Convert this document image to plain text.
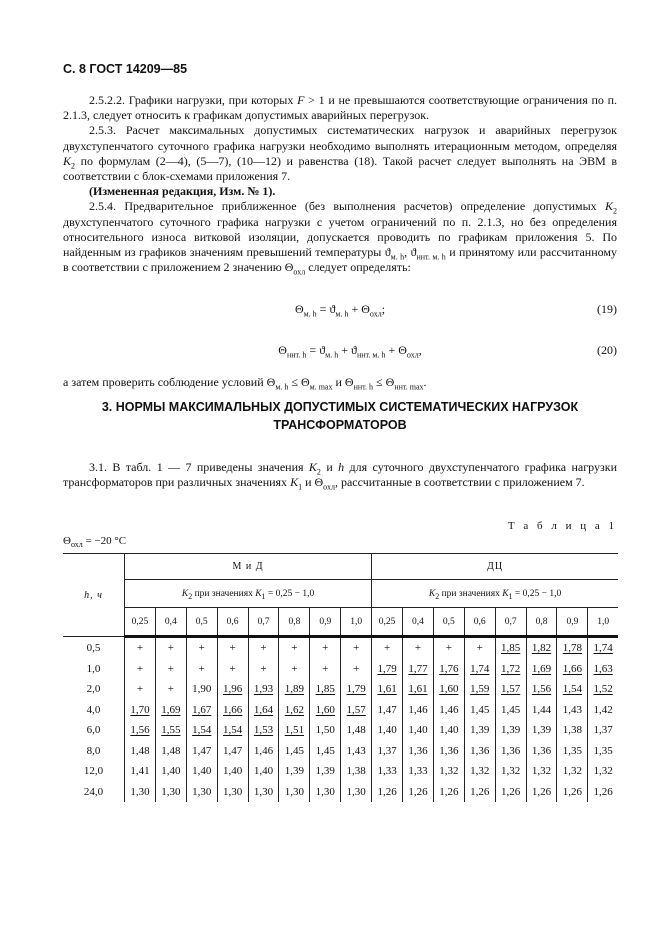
С. 8 ГОСТ 14209—85

2.5.2.2. Графики нагрузки, при которых F > 1 и не превышаются соответствующие ограничения по п. 2.1.3, следует относить к графикам допустимых аварийных перегрузок.

2.5.3. Расчет максимальных допустимых систематических нагрузок и аварийных перегрузок двухступенчатого суточного графика нагрузки необходимо выполнять итерационным методом, определяя $K_2$ по формулам (2—4), (5—7), (10—12) и равенства (18). Такой расчет следует выполнять на ЭВМ в соответствии с блок-схемами приложения 7.

(Измененная редакция, Изм. № 1).

2.5.4. Предварительное приближенное (без выполнения расчетов) определение допустимых $K_2$ двухступенчатого суточного графика нагрузки с учетом ограничений по п. 2.1.3, но без определения относительного износа витковой изоляции, допускается проводить по графикам приложения 5. По найденным из графиков значениям превышений температуры $ϑ_{м. h}$, $ϑ_{ннт. м. h}$ и принятому или рассчитанному в соответствии с приложением 2 значению $\Theta_{охл}$ следует определять:

$\Theta_{м. h} = ϑ_{м. h} + \Theta_{охл}$;	(19)
$\Theta_{ннт. h} = ϑ_{м. h} + ϑ_{ннт. м. h} + \Theta_{охл}$,	(20)
а затем проверить соблюдение условий $\Theta_{м. h} \le \Theta_{м. max}$ и $\Theta_{ннт. h} \le \Theta_{ннт. max}$.
3. НОРМЫ МАКСИМАЛЬНЫХ ДОПУСТИМЫХ СИСТЕМАТИЧЕСКИХ НАГРУЗОК
ТРАНСФОРМАТОРОВ

3.1. В табл. 1 — 7 приведены значения $K_2$ и h для суточного двухступенчатого графика нагрузки трансформаторов при различных значениях $K_1$ и $\Theta_{охл}$, рассчитанные в соответствии с приложением 7.

Т а б л и ц а 1
$\Theta_{охл} = -20$ °С
h, ч	М и Д								ДЦ							
	$K_2$ при значениях $K_1 = 0,25 - 1,0$								$K_2$ при значениях $K_1 = 0,25 - 1,0$							
	0,25	0,4	0,5	0,6	0,7	0,8	0,9	1,0	0,25	0,4	0,5	0,6	0,7	0,8	0,9	1,0
0,5	+	+	+	+	+	+	+	+	+	+	+	+	1,85	1,82	1,78	1,74
1,0	+	+	+	+	+	+	+	+	1,79	1,77	1,76	1,74	1,72	1,69	1,66	1,63
2,0	+	+	1,90	1,96	1,93	1,89	1,85	1,79	1,61	1,61	1,60	1,59	1,57	1,56	1,54	1,52
4,0	1,70	1,69	1,67	1,66	1,64	1,62	1,60	1,57	1,47	1,46	1,46	1,45	1,45	1,44	1,43	1,42
6,0	1,56	1,55	1,54	1,54	1,53	1,51	1,50	1,48	1,40	1,40	1,40	1,39	1,39	1,39	1,38	1,37
8,0	1,48	1,48	1,47	1,47	1,46	1,45	1,45	1,43	1,37	1,36	1,36	1,36	1,36	1,36	1,35	1,35
12,0	1,41	1,40	1,40	1,40	1,40	1,39	1,39	1,38	1,33	1,33	1,32	1,32	1,32	1,32	1,32	1,32
24,0	1,30	1,30	1,30	1,30	1,30	1,30	1,30	1,30	1,26	1,26	1,26	1,26	1,26	1,26	1,26	1,26
